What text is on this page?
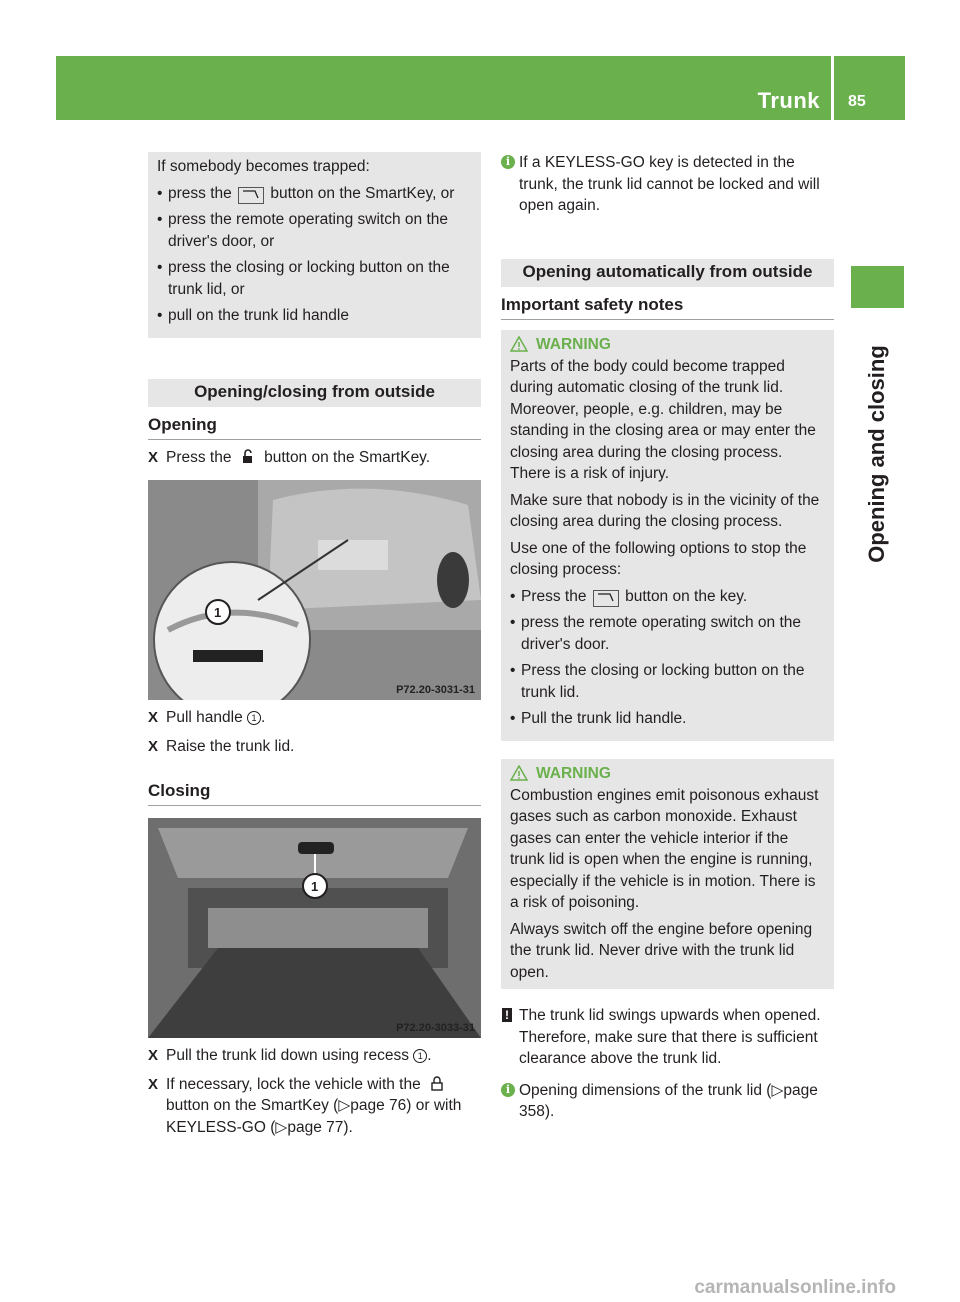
Trunk 85
Opening and closing
If somebody becomes trapped:
• press the  button on the SmartKey, or
• press the remote operating switch on the driver's door, or
• press the closing or locking button on the trunk lid, or
• pull on the trunk lid handle
Opening/closing from outside
Opening
X Press the  button on the SmartKey.
1
P72.20-3031-31
X Pull handle 1 .
X Raise the trunk lid.
Closing
1
P72.20-3033-31
X Pull the trunk lid down using recess 1 .
X If necessary, lock the vehicle with the  button on the SmartKey (▷page 76) or with KEYLESS-GO (▷page 77).
i If a KEYLESS-GO key is detected in the trunk, the trunk lid cannot be locked and will open again.
Opening automatically from outside
Important safety notes
WARNING
Parts of the body could become trapped during automatic closing of the trunk lid. Moreover, people, e.g. children, may be standing in the closing area or may enter the closing area during the closing process. There is a risk of injury.
Make sure that nobody is in the vicinity of the closing area during the closing process.
Use one of the following options to stop the closing process:
• Press the  button on the key.
• press the remote operating switch on the driver's door.
• Press the closing or locking button on the trunk lid.
• Pull the trunk lid handle.
WARNING
Combustion engines emit poisonous exhaust gases such as carbon monoxide. Exhaust gases can enter the vehicle interior if the trunk lid is open when the engine is running, especially if the vehicle is in motion. There is a risk of poisoning.
Always switch off the engine before opening the trunk lid. Never drive with the trunk lid open.
! The trunk lid swings upwards when opened. Therefore, make sure that there is sufficient clearance above the trunk lid.
i Opening dimensions of the trunk lid (▷page 358).
carmanualsonline.info
